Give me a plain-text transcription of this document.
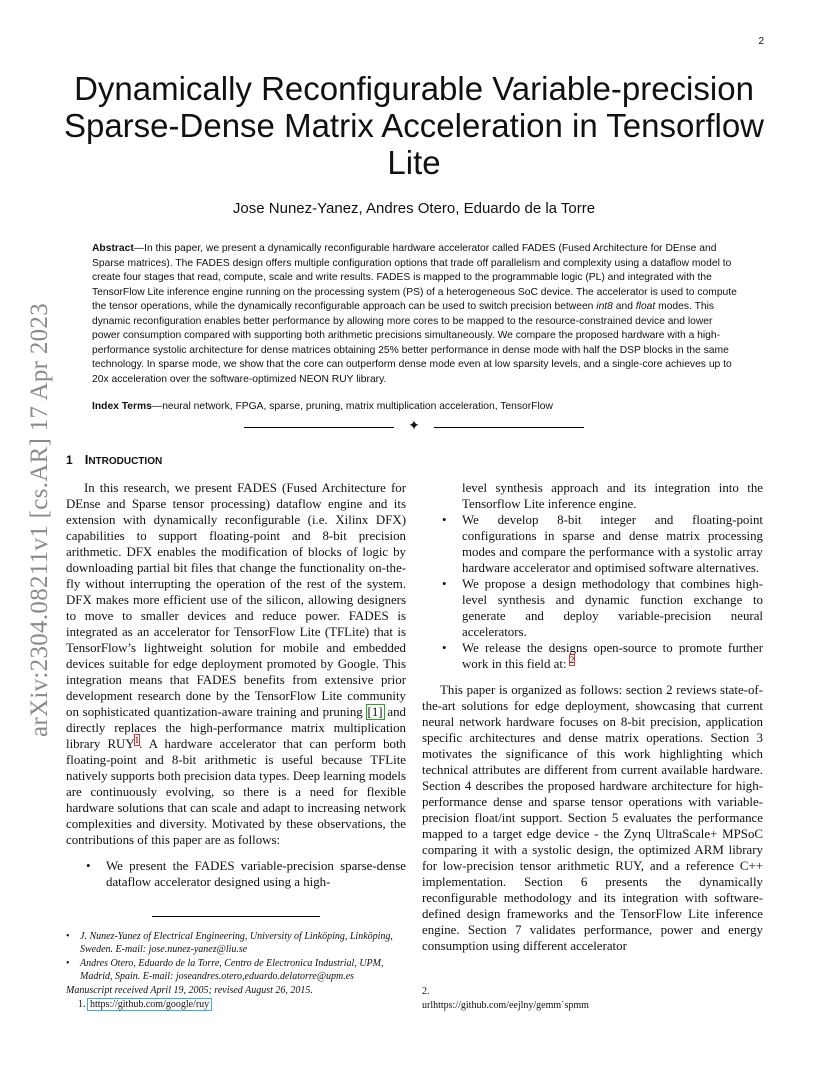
2
arXiv:2304.08211v1 [cs.AR] 17 Apr 2023
Dynamically Reconfigurable Variable-precision Sparse-Dense Matrix Acceleration in Tensorflow Lite
Jose Nunez-Yanez, Andres Otero, Eduardo de la Torre

Abstract—In this paper, we present a dynamically reconfigurable hardware accelerator called FADES (Fused Architecture for DEnse and Sparse matrices). The FADES design offers multiple configuration options that trade off parallelism and complexity using a dataflow model to create four stages that read, compute, scale and write results. FADES is mapped to the programmable logic (PL) and integrated with the TensorFlow Lite inference engine running on the processing system (PS) of a heterogeneous SoC device. The accelerator is used to compute the tensor operations, while the dynamically reconfigurable approach can be used to switch precision between int8 and float modes. This dynamic reconfiguration enables better performance by allowing more cores to be mapped to the resource-constrained device and lower power consumption compared with supporting both arithmetic precisions simultaneously. We compare the proposed hardware with a high-performance systolic architecture for dense matrices obtaining 25% better performance in dense mode with half the DSP blocks in the same technology. In sparse mode, we show that the core can outperform dense mode even at low sparsity levels, and a single-core achieves up to 20x acceleration over the software-optimized NEON RUY library.

Index Terms—neural network, FPGA, sparse, pruning, matrix multiplication acceleration, TensorFlow

✦
1 INTRODUCTION

In this research, we present FADES (Fused Architecture for DEnse and Sparse tensor processing) dataflow engine and its extension with dynamically reconfigurable (i.e. Xilinx DFX) capabilities to support floating-point and 8-bit precision arithmetic. DFX enables the modification of blocks of logic by downloading partial bit files that change the functionality on-the-fly without interrupting the operation of the rest of the system. DFX makes more efficient use of the silicon, allowing designers to move to smaller devices and reduce power. FADES is integrated as an accelerator for TensorFlow Lite (TFLite) that is TensorFlow’s lightweight solution for mobile and embedded devices suitable for edge deployment promoted by Google. This integration means that FADES benefits from extensive prior development research done by the TensorFlow Lite community on sophisticated quantization-aware training and pruning [1] and directly replaces the high-performance matrix multiplication library RUY$^1$. A hardware accelerator that can perform both floating-point and 8-bit arithmetic is useful because TFLite natively supports both precision data types. Deep learning models are continuously evolving, so there is a need for flexible hardware solutions that can scale and adapt to increasing network complexities and diversity. Motivated by these observations, the contributions of this paper are as follows:

• We present the FADES variable-precision sparse-dense dataflow accelerator designed using a high-
level synthesis approach and its integration into the Tensorflow Lite inference engine.
• We develop 8-bit integer and floating-point configurations in sparse and dense matrix processing modes and compare the performance with a systolic array hardware accelerator and optimised software alternatives.
• We propose a design methodology that combines high-level synthesis and dynamic function exchange to generate and deploy variable-precision neural accelerators.
• We release the designs open-source to promote further work in this field at: $^2$

This paper is organized as follows: section 2 reviews state-of-the-art solutions for edge deployment, showcasing that current neural network hardware focuses on 8-bit precision, application specific architectures and dense matrix operations. Section 3 motivates the significance of this work highlighting which technical attributes are different from current available hardware. Section 4 describes the proposed hardware architecture for high-performance dense and sparse tensor operations with variable-precision float/int support. Section 5 evaluates the performance mapped to a target edge device - the Zynq UltraScale+ MPSoC comparing it with a systolic design, the optimized ARM library for low-precision tensor arithmetic RUY, and a reference C++ implementation. Section 6 presents the dynamically reconfigurable methodology and its integration with software-defined design frameworks and the TensorFlow Lite inference engine. Section 7 validates performance, power and energy consumption using different accelerator

• J. Nunez-Yanez of Electrical Engineering, University of Linköping, Linköping, Sweden. E-mail: jose.nunez-yanez@liu.se
• Andres Otero, Eduardo de la Torre, Centro de Electronica Industrial, UPM, Madrid, Spain. E-mail: joseandres.otero,eduardo.delatorre@upm.es
Manuscript received April 19, 2005; revised August 26, 2015.
1. https://github.com/google/ruy
2.
urlhttps://github.com/eejlny/gemm˙spmm
